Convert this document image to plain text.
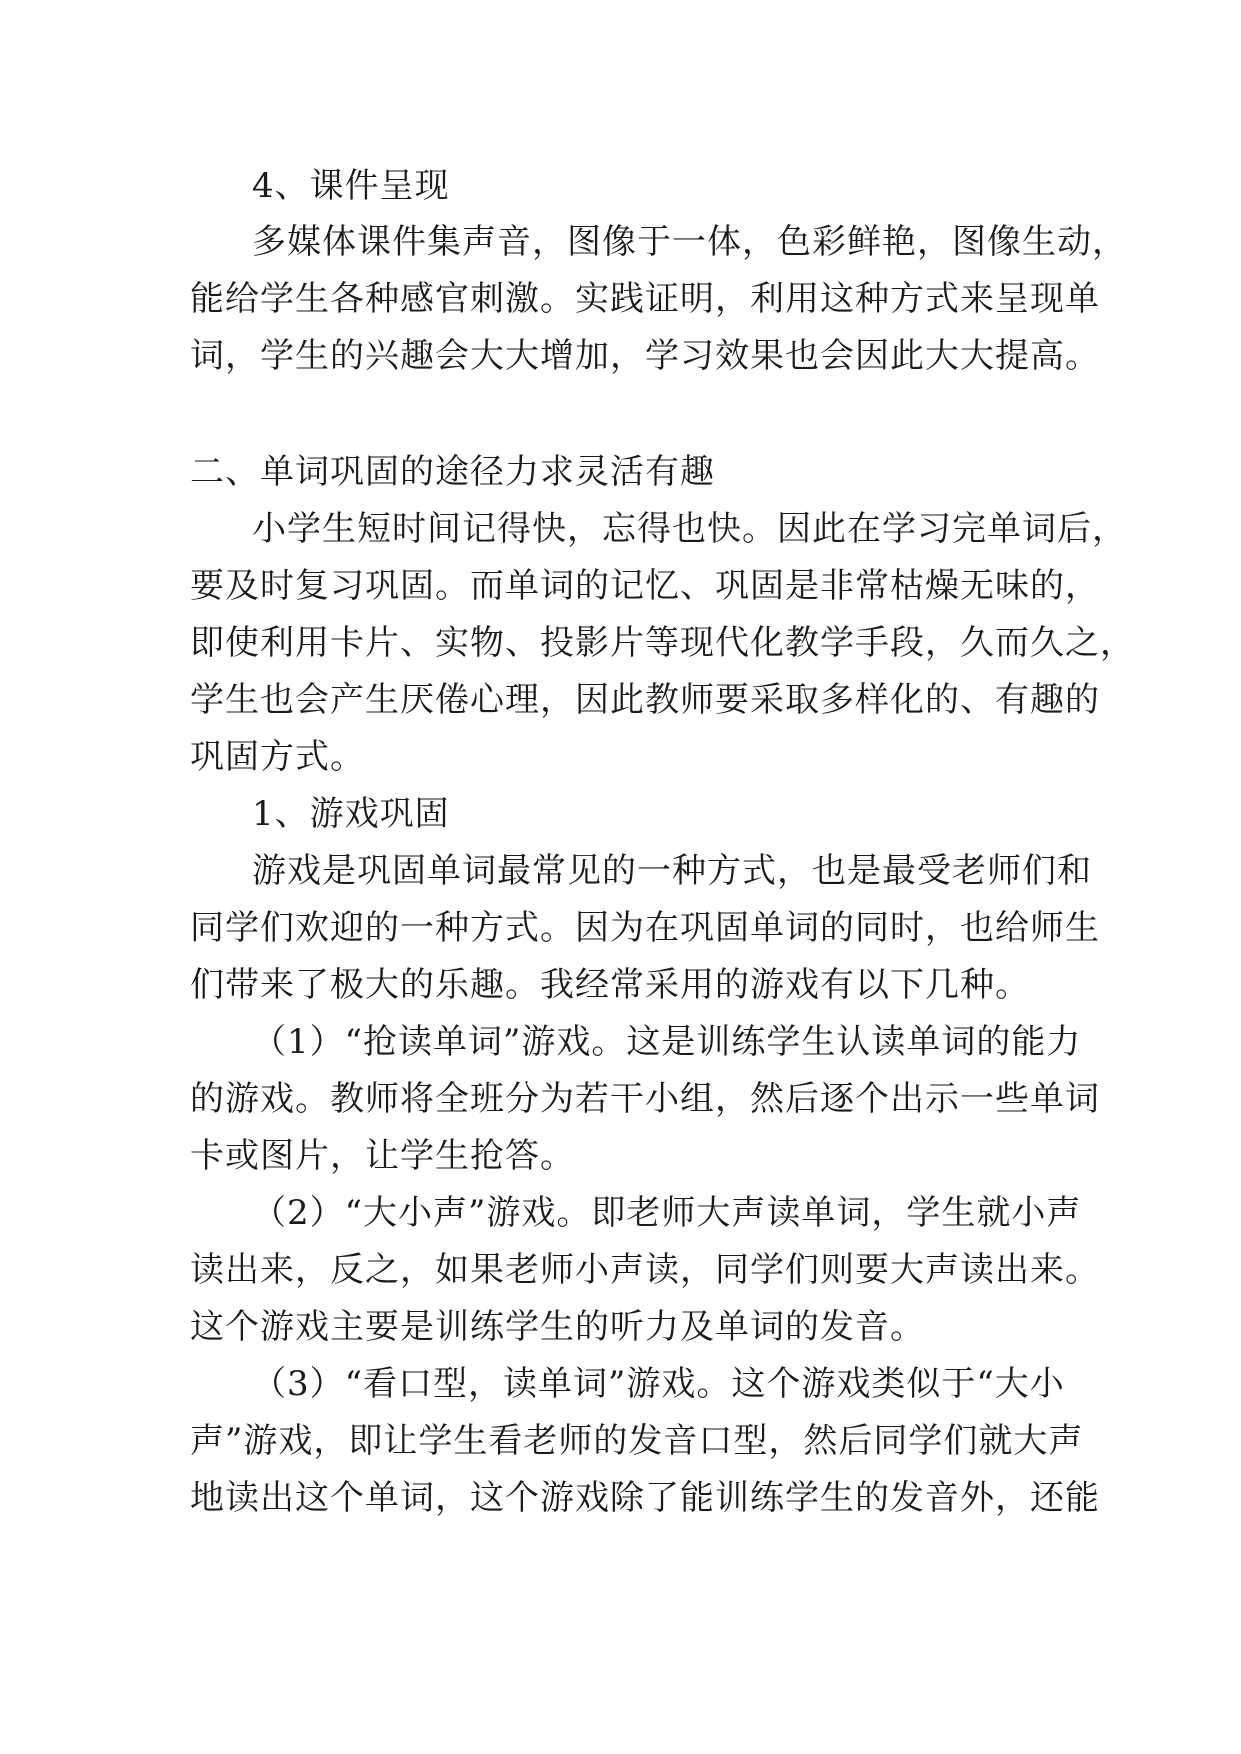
4、课件呈现
多媒体课件集声音，图像于一体，色彩鲜艳，图像生动，
能给学生各种感官刺激。实践证明，利用这种方式来呈现单
词，学生的兴趣会大大增加，学习效果也会因此大大提高。
二、单词巩固的途径力求灵活有趣
小学生短时间记得快，忘得也快。因此在学习完单词后，
要及时复习巩固。而单词的记忆、巩固是非常枯燥无味的，
即使利用卡片、实物、投影片等现代化教学手段，久而久之，
学生也会产生厌倦心理，因此教师要采取多样化的、有趣的
巩固方式。
1、游戏巩固
游戏是巩固单词最常见的一种方式，也是最受老师们和
同学们欢迎的一种方式。因为在巩固单词的同时，也给师生
们带来了极大的乐趣。我经常采用的游戏有以下几种。
（1）“抢读单词”游戏。这是训练学生认读单词的能力
的游戏。教师将全班分为若干小组，然后逐个出示一些单词
卡或图片，让学生抢答。
（2）“大小声”游戏。即老师大声读单词，学生就小声
读出来，反之，如果老师小声读，同学们则要大声读出来。
这个游戏主要是训练学生的听力及单词的发音。
（3）“看口型，读单词”游戏。这个游戏类似于“大小
声”游戏，即让学生看老师的发音口型，然后同学们就大声
地读出这个单词，这个游戏除了能训练学生的发音外，还能
